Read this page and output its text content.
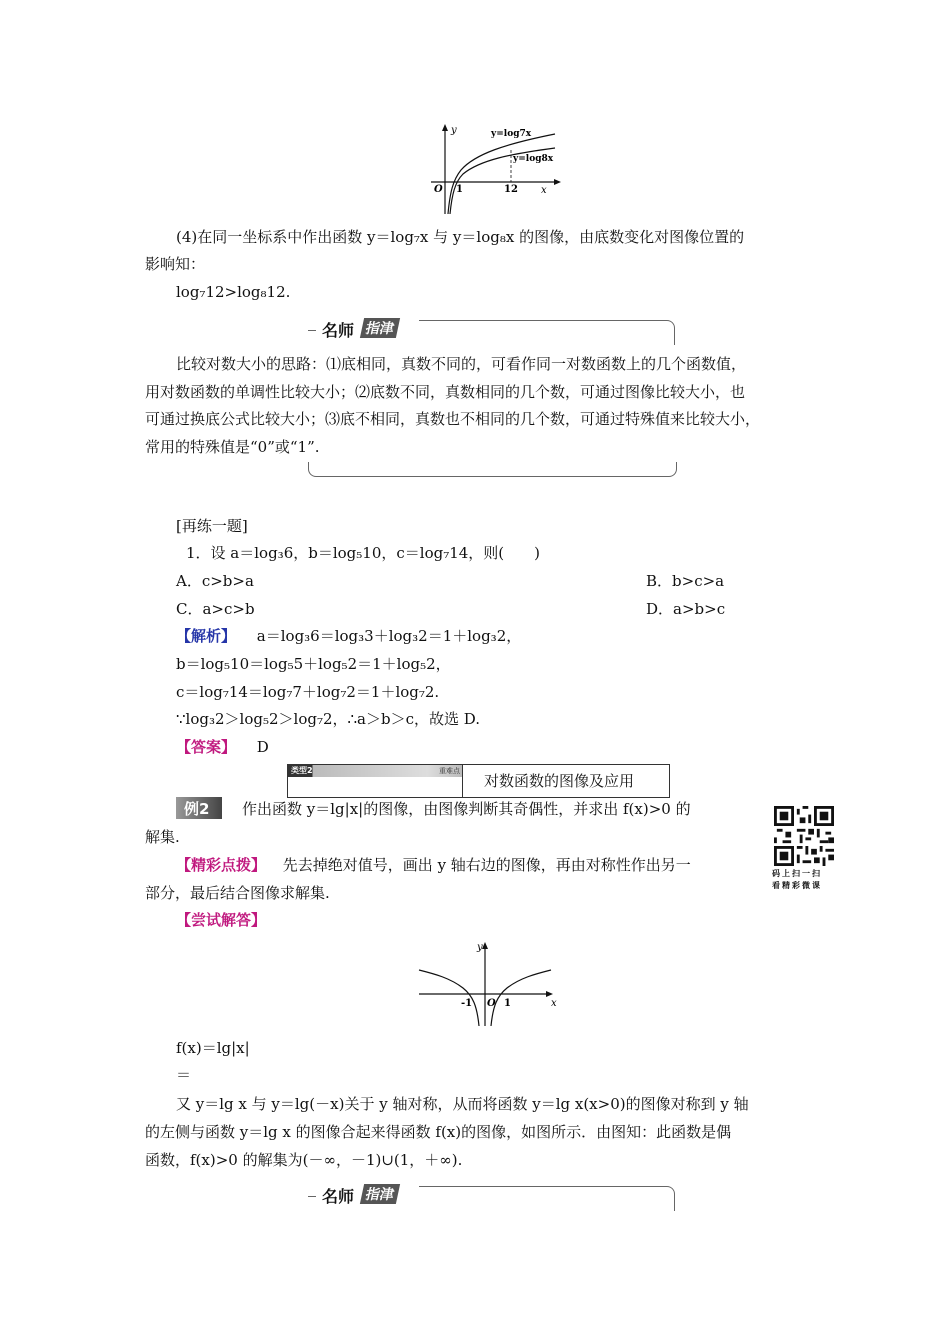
y
x
O 1	12
y=log7x
y=log8x
(4)在同一坐标系中作出函数 y＝log₇x 与 y＝log₈x 的图像，由底数变化对图像位置的
影响知：
log₇12>log₈12.
名师 指津
比较对数大小的思路：⑴底相同，真数不同的，可看作同一对数函数上的几个函数值，
用对数函数的单调性比较大小；⑵底数不同，真数相同的几个数，可通过图像比较大小，也
可通过换底公式比较大小；⑶底不相同，真数也不相同的几个数，可通过特殊值来比较大小，
常用的特殊值是“0”或“1”.
[再练一题]
1．设 a＝log₃6，b＝log₅10，c＝log₇14，则(　　)
A．c>b>a	B．b>c>a
C．a>c>b	D．a>b>c
【解析】 a＝log₃6＝log₃3＋log₃2＝1＋log₃2，
b＝log₅10＝log₅5＋log₅2＝1＋log₅2，
c＝log₇14＝log₇7＋log₇2＝1＋log₇2.
∵log₃2＞log₅2＞log₇2，∴a＞b＞c，故选 D.
【答案】 D
类型2	重难点
对数函数的图像及应用
例2 作出函数 y＝lg|x|的图像，由图像判断其奇偶性，并求出 f(x)>0 的
解集.
码上扫一扫
看精彩微课
【精彩点拨】 先去掉绝对值号，画出 y 轴右边的图像，再由对称性作出另一
部分，最后结合图像求解集.
【尝试解答】
y
x
O
-1	1
f(x)＝lg|x|
＝
又 y＝lg x 与 y＝lg(－x)关于 y 轴对称，从而将函数 y＝lg x(x>0)的图像对称到 y 轴
的左侧与函数 y＝lg x 的图像合起来得函数 f(x)的图像，如图所示．由图知：此函数是偶
函数，f(x)>0 的解集为(－∞，－1)∪(1，＋∞).
名师 指津
